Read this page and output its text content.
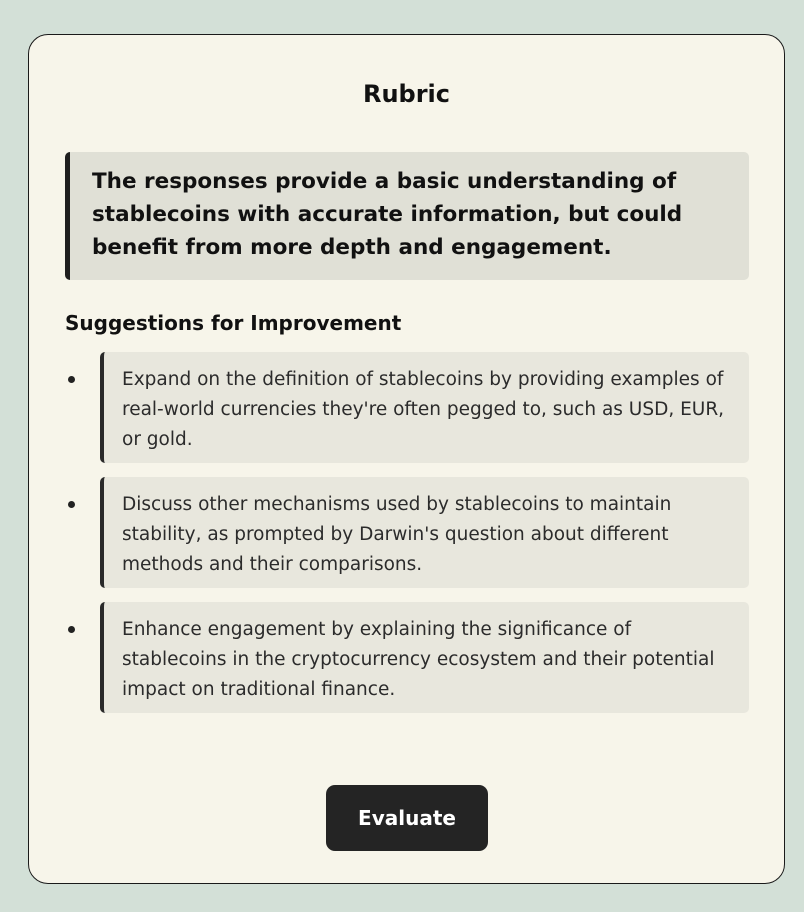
Rubric
The responses provide a basic understanding of stablecoins with accurate information, but could benefit from more depth and engagement.
Suggestions for Improvement
Expand on the definition of stablecoins by providing examples of real-world currencies they're often pegged to, such as USD, EUR, or gold.
Discuss other mechanisms used by stablecoins to maintain stability, as prompted by Darwin's question about different methods and their comparisons.
Enhance engagement by explaining the significance of stablecoins in the cryptocurrency ecosystem and their potential impact on traditional finance.
Evaluate
